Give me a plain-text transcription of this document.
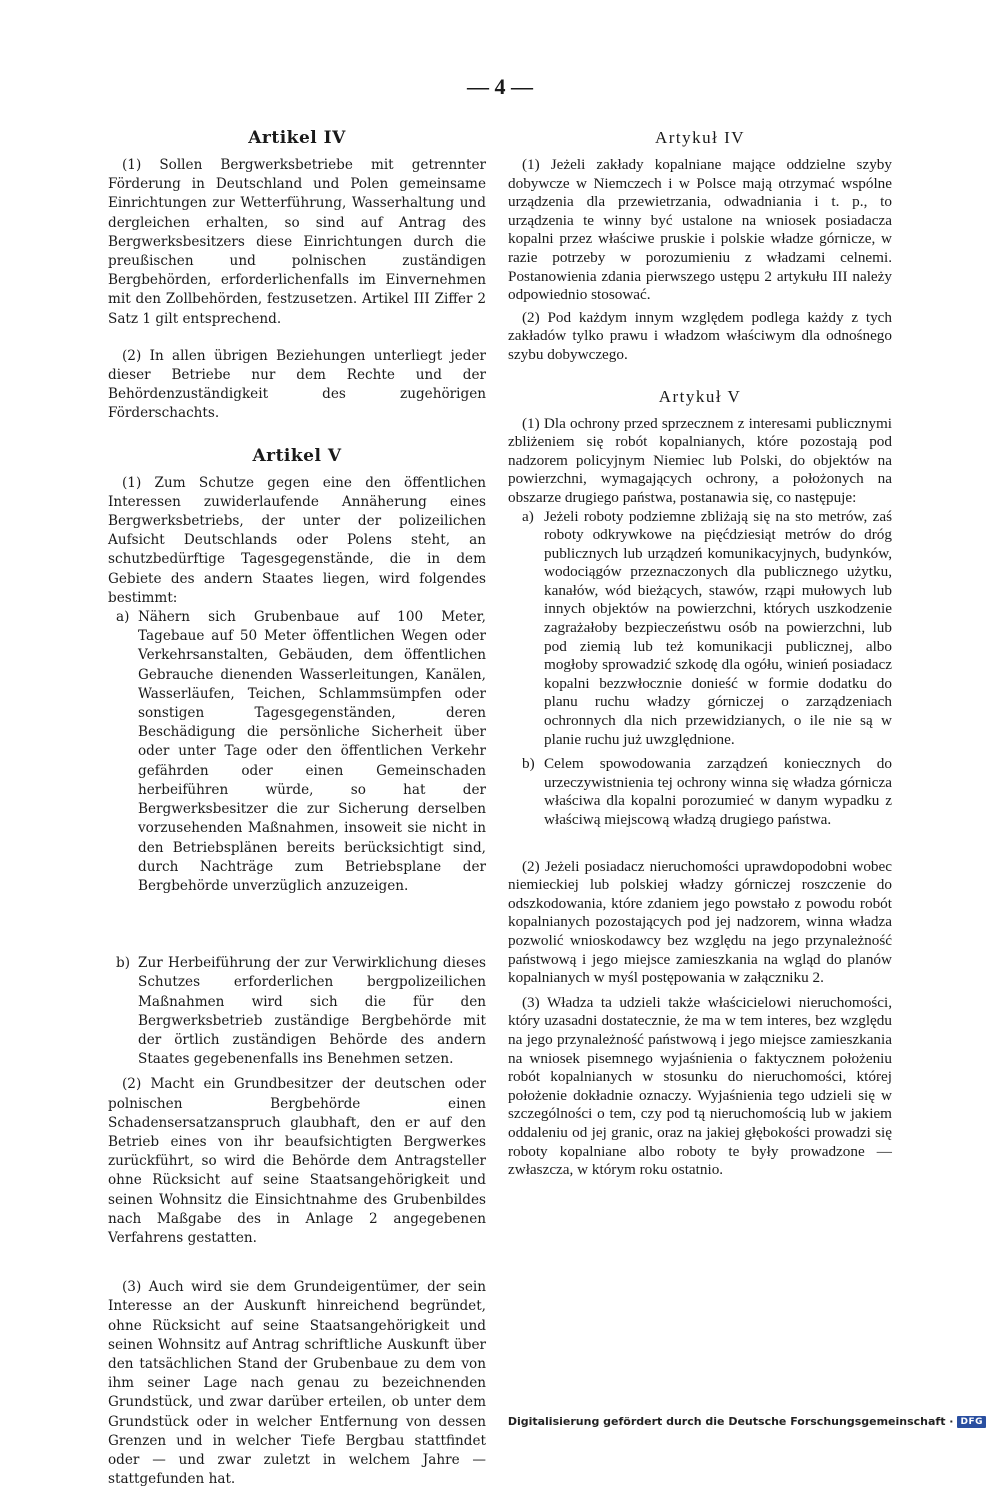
— 4 —
Artikel IV

(1) Sollen Bergwerksbetriebe mit getrennter Förderung in Deutschland und Polen gemeinsame Einrichtungen zur Wetterführung, Wasserhaltung und dergleichen erhalten, so sind auf Antrag des Bergwerksbesitzers diese Einrichtungen durch die preußischen und polnischen zuständigen Bergbehörden, erforderlichenfalls im Einvernehmen mit den Zollbehörden, festzusetzen. Artikel III Ziffer 2 Satz 1 gilt entsprechend.

(2) In allen übrigen Beziehungen unterliegt jeder dieser Betriebe nur dem Rechte und der Behördenzuständigkeit des zugehörigen Förderschachts.

Artikel V

(1) Zum Schutze gegen eine den öffentlichen Interessen zuwiderlaufende Annäherung eines Bergwerksbetriebs, der unter der polizeilichen Aufsicht Deutschlands oder Polens steht, an schutzbedürftige Tagesgegenstände, die in dem Gebiete des andern Staates liegen, wird folgendes bestimmt:

a) Nähern sich Grubenbaue auf 100 Meter, Tagebaue auf 50 Meter öffentlichen Wegen oder Verkehrsanstalten, Gebäuden, dem öffentlichen Gebrauche dienenden Wasserleitungen, Kanälen, Wasserläufen, Teichen, Schlammsümpfen oder sonstigen Tagesgegenständen, deren Beschädigung die persönliche Sicherheit über oder unter Tage oder den öffentlichen Verkehr gefährden oder einen Gemeinschaden herbeiführen würde, so hat der Bergwerksbesitzer die zur Sicherung derselben vorzusehenden Maßnahmen, insoweit sie nicht in den Betriebsplänen bereits berücksichtigt sind, durch Nachträge zum Betriebsplane der Bergbehörde unverzüglich anzuzeigen.
b) Zur Herbeiführung der zur Verwirklichung dieses Schutzes erforderlichen bergpolizeilichen Maßnahmen wird sich die für den Bergwerksbetrieb zuständige Bergbehörde mit der örtlich zuständigen Behörde des andern Staates gegebenenfalls ins Benehmen setzen.

(2) Macht ein Grundbesitzer der deutschen oder polnischen Bergbehörde einen Schadensersatzanspruch glaubhaft, den er auf den Betrieb eines von ihr beaufsichtigten Bergwerkes zurückführt, so wird die Behörde dem Antragsteller ohne Rücksicht auf seine Staatsangehörigkeit und seinen Wohnsitz die Einsichtnahme des Grubenbildes nach Maßgabe des in Anlage 2 angegebenen Verfahrens gestatten.

(3) Auch wird sie dem Grundeigentümer, der sein Interesse an der Auskunft hinreichend begründet, ohne Rücksicht auf seine Staatsangehörigkeit und seinen Wohnsitz auf Antrag schriftliche Auskunft über den tatsächlichen Stand der Grubenbaue zu dem von ihm seiner Lage nach genau zu bezeichnenden Grundstück, und zwar darüber erteilen, ob unter dem Grundstück oder in welcher Entfernung von dessen Grenzen und in welcher Tiefe Bergbau stattfindet oder — und zwar zuletzt in welchem Jahre — stattgefunden hat.

Artykuł IV

(1) Jeżeli zakłady kopalniane mające oddzielne szyby dobywcze w Niemczech i w Polsce mają otrzymać wspólne urządzenia dla przewietrzania, odwadniania i t. p., to urządzenia te winny być ustalone na wniosek posiadacza kopalni przez właściwe pruskie i polskie władze górnicze, w razie potrzeby w porozumieniu z władzami celnemi. Postanowienia zdania pierwszego ustępu 2 artykułu III należy odpowiednio stosować.

(2) Pod każdym innym względem podlega każdy z tych zakładów tylko prawu i władzom właściwym dla odnośnego szybu dobywczego.

Artykuł V

(1) Dla ochrony przed sprzecznem z interesami publicznymi zbliżeniem się robót kopalnianych, które pozostają pod nadzorem policyjnym Niemiec lub Polski, do objektów na powierzchni, wymagających ochrony, a położonych na obszarze drugiego państwa, postanawia się, co następuje:

a) Jeżeli roboty podziemne zbliżają się na sto metrów, zaś roboty odkrywkowe na pięćdziesiąt metrów do dróg publicznych lub urządzeń komunikacyjnych, budynków, wodociągów przeznaczonych dla publicznego użytku, kanałów, wód bieżących, stawów, rząpi mułowych lub innych objektów na powierzchni, których uszkodzenie zagrażałoby bezpieczeństwu osób na powierzchni, lub pod ziemią lub też komunikacji publicznej, albo mogłoby sprowadzić szkodę dla ogółu, winień posiadacz kopalni bezzwłocznie donieść w formie dodatku do planu ruchu władzy górniczej o zarządzeniach ochronnych dla nich przewidzianych, o ile nie są w planie ruchu już uwzględnione.
b) Celem spowodowania zarządzeń koniecznych do urzeczywistnienia tej ochrony winna się władza górnicza właściwa dla kopalni porozumieć w danym wypadku z właściwą miejscową władzą drugiego państwa.

(2) Jeżeli posiadacz nieruchomości uprawdopodobni wobec niemieckiej lub polskiej władzy górniczej roszczenie do odszkodowania, które zdaniem jego powstało z powodu robót kopalnianych pozostających pod jej nadzorem, winna władza pozwolić wnioskodawcy bez względu na jego przynależność państwową i jego miejsce zamieszkania na wgląd do planów kopalnianych w myśl postępowania w załączniku 2.

(3) Władza ta udzieli także właścicielowi nieruchomości, który uzasadni dostatecznie, że ma w tem interes, bez względu na jego przynależność państwową i jego miejsce zamieszkania na wniosek pisemnego wyjaśnienia o faktycznem położeniu robót kopalnianych w stosunku do nieruchomości, której położenie dokładnie oznaczy. Wyjaśnienia tego udzieli się w szczególności o tem, czy pod tą nieruchomością lub w jakiem oddaleniu od jej granic, oraz na jakiej głębokości prowadzi się roboty kopalniane albo roboty te były prowadzone — zwłaszcza, w którym roku ostatnio.

Digitalisierung gefördert durch die Deutsche Forschungsgemeinschaft · DFG
